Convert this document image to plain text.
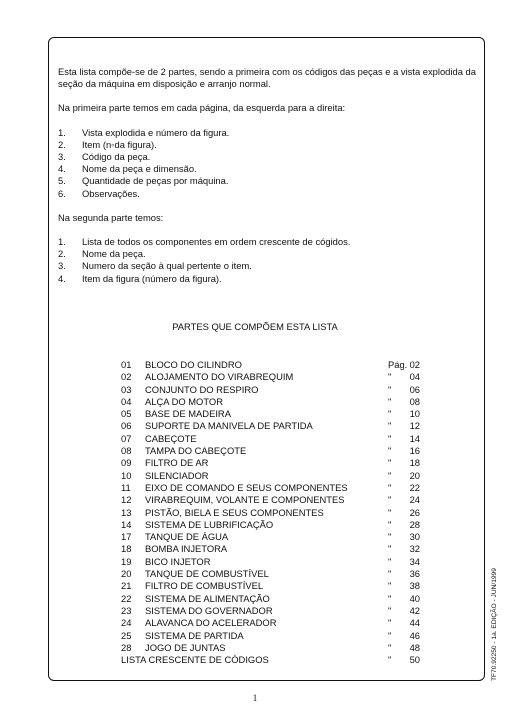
Esta lista compõe-se de 2 partes, sendo a primeira com os códigos das peças e a vista explodida da seção da máquina em disposição e arranjo normal.

Na primeira parte temos em cada página, da esquerda para a direita:

1.	Vista explodida e número da figura.
2.	Item (n◦da figura).
3.	Código da peça.
4.	Nome da peça e dimensão.
5.	Quantidade de peças por máquina.
6.	Observações.

Na segunda parte temos:

1.	Lista de todos os componentes em ordem crescente de cógidos.
2.	Nome da peça.
3.	Numero da seção à qual pertente o item.
4.	Item da figura (número da figura).
PARTES QUE COMPÕEM ESTA LISTA
01	BLOCO DO CILINDRO	Pág. 02
02	ALOJAMENTO DO VIRABREQUIM	"	04
03	CONJUNTO DO RESPIRO	"	06
04	ALÇA DO MOTOR	"	08
05	BASE DE MADEIRA	"	10
06	SUPORTE DA MANIVELA DE PARTIDA	"	12
07	CABEÇOTE	"	14
08	TAMPA DO CABEÇOTE	"	16
09	FILTRO DE AR	"	18
10	SILENCIADOR	"	20
11	EIXO DE COMANDO E SEUS COMPONENTES	"	22
12	VIRABREQUIM, VOLANTE E COMPONENTES	"	24
13	PISTÃO, BIELA E SEUS COMPONENTES	"	26
14	SISTEMA DE LUBRIFICAÇÃO	"	28
17	TANQUE DE ÁGUA	"	30
18	BOMBA INJETORA	"	32
19	BICO INJETOR	"	34
20	TANQUE DE COMBUSTÍVEL	"	36
21	FILTRO DE COMBUSTÍVEL	"	38
22	SISTEMA DE ALIMENTAÇÃO	"	40
23	SISTEMA DO GOVERNADOR	"	42
24	ALAVANCA DO ACELERADOR	"	44
25	SISTEMA DE PARTIDA	"	46
28	JOGO DE JUNTAS	"	48
LISTA CRESCENTE DE CÓDIGOS	"	50
1
TF70.92250 - 1a. EDIÇÃO - JUN/1999
